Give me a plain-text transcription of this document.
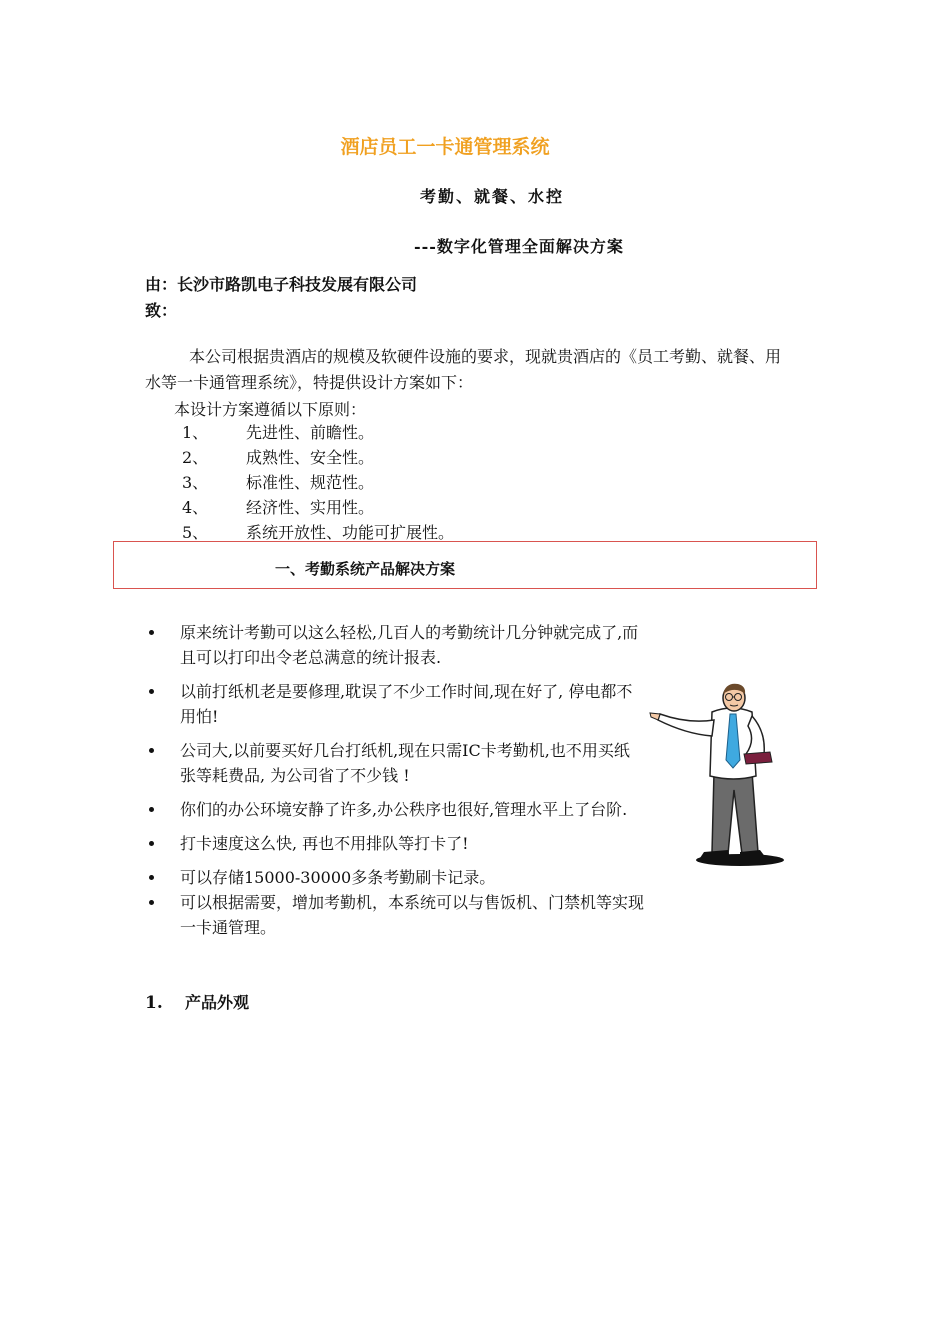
酒店员工一卡通管理系统
考勤、就餐、水控
---数字化管理全面解决方案
由：长沙市路凯电子科技发展有限公司
致：
本公司根据贵酒店的规模及软硬件设施的要求，现就贵酒店的《员工考勤、就餐、用水等一卡通管理系统》，特提供设计方案如下：
本设计方案遵循以下原则：
1、 先进性、前瞻性。
2、 成熟性、安全性。
3、 标准性、规范性。
4、 经济性、实用性。
5、 系统开放性、功能可扩展性。
一、考勤系统产品解决方案
原来统计考勤可以这么轻松,几百人的考勤统计几分钟就完成了,而且可以打印出令老总满意的统计报表.
以前打纸机老是要修理,耽误了不少工作时间,现在好了, 停电都不用怕!
公司大,以前要买好几台打纸机,现在只需IC卡考勤机,也不用买纸张等耗费品, 为公司省了不少钱 !
你们的办公环境安静了许多,办公秩序也很好,管理水平上了台阶.
打卡速度这么快, 再也不用排队等打卡了!
可以存储15000-30000多条考勤刷卡记录。
可以根据需要，增加考勤机，本系统可以与售饭机、门禁机等实现一卡通管理。
1. 产品外观
